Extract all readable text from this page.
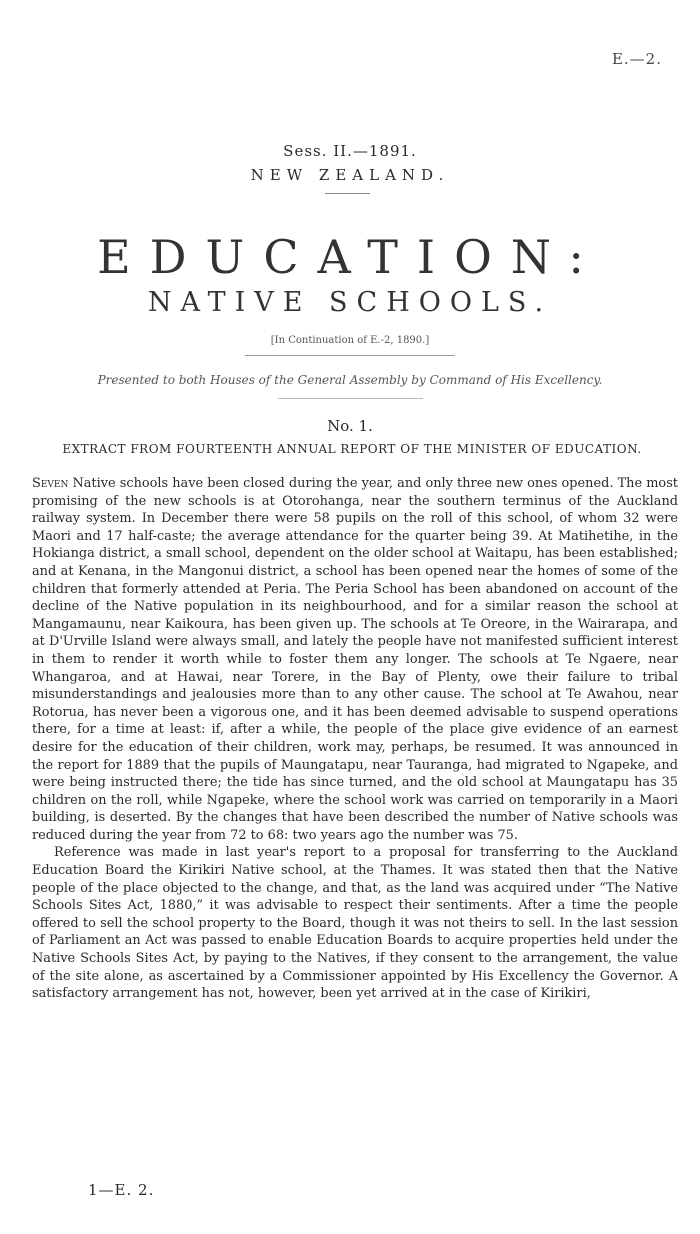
E.—2.
Sess. II.—1891.
NEW ZEALAND.
EDUCATION:
NATIVE SCHOOLS.
[In Continuation of E.-2, 1890.]
Presented to both Houses of the General Assembly by Command of His Excellency.
No. 1.
EXTRACT FROM FOURTEENTH ANNUAL REPORT OF THE MINISTER OF EDUCATION.

Seven Native schools have been closed during the year, and only three new ones opened. The most promising of the new schools is at Otorohanga, near the southern terminus of the Auckland railway system. In December there were 58 pupils on the roll of this school, of whom 32 were Maori and 17 half-caste; the average attendance for the quarter being 39. At Matihetihe, in the Hokianga district, a small school, dependent on the older school at Waitapu, has been established; and at Kenana, in the Mangonui district, a school has been opened near the homes of some of the children that formerly attended at Peria. The Peria School has been abandoned on account of the decline of the Native population in its neighbourhood, and for a similar reason the school at Mangamaunu, near Kaikoura, has been given up. The schools at Te Oreore, in the Wairarapa, and at D'Urville Island were always small, and lately the people have not manifested sufficient interest in them to render it worth while to foster them any longer. The schools at Te Ngaere, near Whangaroa, and at Hawai, near Torere, in the Bay of Plenty, owe their failure to tribal misunderstandings and jealousies more than to any other cause. The school at Te Awahou, near Rotorua, has never been a vigorous one, and it has been deemed advisable to suspend operations there, for a time at least: if, after a while, the people of the place give evidence of an earnest desire for the education of their children, work may, perhaps, be resumed. It was announced in the report for 1889 that the pupils of Maungatapu, near Tauranga, had migrated to Ngapeke, and were being instructed there; the tide has since turned, and the old school at Maungatapu has 35 children on the roll, while Ngapeke, where the school work was carried on temporarily in a Maori building, is deserted. By the changes that have been described the number of Native schools was reduced during the year from 72 to 68: two years ago the number was 75.

Reference was made in last year's report to a proposal for transferring to the Auckland Education Board the Kirikiri Native school, at the Thames. It was stated then that the Native people of the place objected to the change, and that, as the land was acquired under “The Native Schools Sites Act, 1880,” it was advisable to respect their sentiments. After a time the people offered to sell the school property to the Board, though it was not theirs to sell. In the last session of Parliament an Act was passed to enable Education Boards to acquire properties held under the Native Schools Sites Act, by paying to the Natives, if they consent to the arrangement, the value of the site alone, as ascertained by a Commissioner appointed by His Excellency the Governor. A satisfactory arrangement has not, however, been yet arrived at in the case of Kirikiri,

1—E. 2.
